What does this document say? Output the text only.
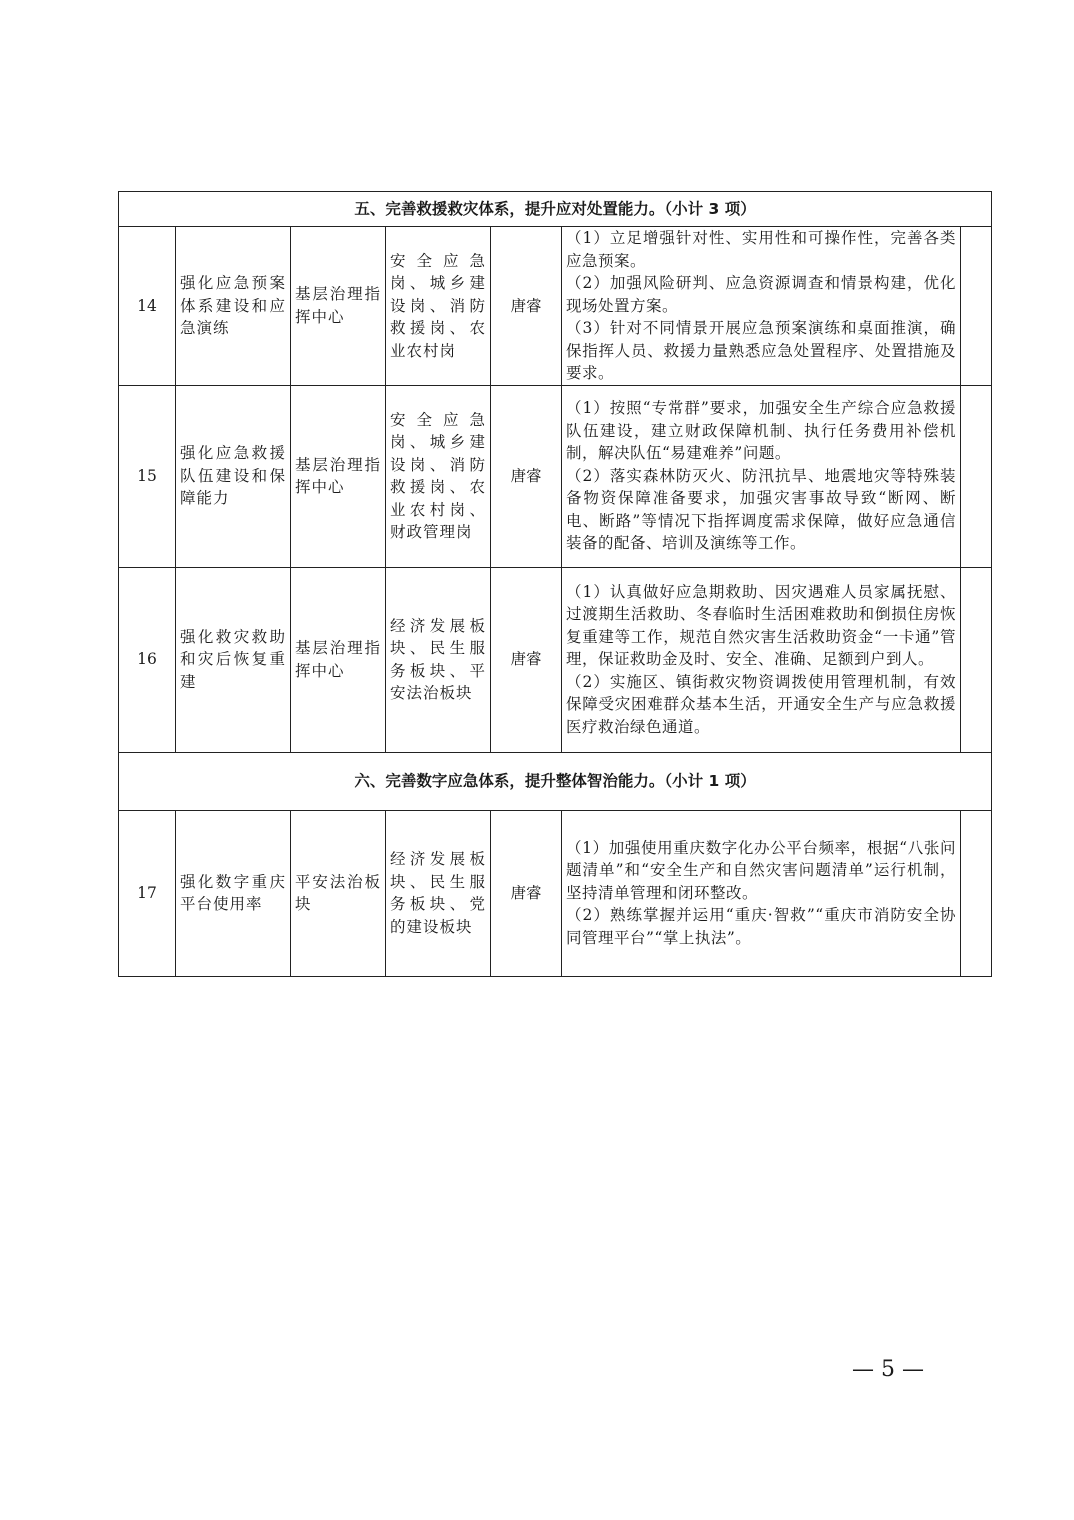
五、完善救援救灾体系，提升应对处置能力。（小计 3 项）						
14	强化应急预案体系建设和应急演练	基层治理指挥中心	安全应急岗、城乡建设岗、消防救援岗、农业农村岗	唐睿	（1）立足增强针对性、实用性和可操作性，完善各类应急预案。
（2）加强风险研判、应急资源调查和情景构建，优化现场处置方案。
（3）针对不同情景开展应急预案演练和桌面推演，确保指挥人员、救援力量熟悉应急处置程序、处置措施及要求。	

15	强化应急救援队伍建设和保障能力	基层治理指挥中心	安全应急岗、城乡建设岗、消防救援岗、农业农村岗、财政管理岗	唐睿	（1）按照“专常群”要求，加强安全生产综合应急救援队伍建设，建立财政保障机制、执行任务费用补偿机制，解决队伍“易建难养”问题。
（2）落实森林防灭火、防汛抗旱、地震地灾等特殊装备物资保障准备要求，加强灾害事故导致“断网、断电、断路”等情况下指挥调度需求保障，做好应急通信装备的配备、培训及演练等工作。	

16	强化救灾救助和灾后恢复重建	基层治理指挥中心	经济发展板块、民生服务板块、平安法治板块	唐睿	（1）认真做好应急期救助、因灾遇难人员家属抚慰、过渡期生活救助、冬春临时生活困难救助和倒损住房恢复重建等工作，规范自然灾害生活救助资金“一卡通”管理，保证救助金及时、安全、准确、足额到户到人。
（2）实施区、镇街救灾物资调拨使用管理机制，有效保障受灾困难群众基本生活，开通安全生产与应急救援医疗救治绿色通道。	

六、完善数字应急体系，提升整体智治能力。（小计 1 项）						
17	强化数字重庆平台使用率	平安法治板块	经济发展板块、民生服务板块、党的建设板块	唐睿	（1）加强使用重庆数字化办公平台频率，根据“八张问题清单”和“安全生产和自然灾害问题清单”运行机制，坚持清单管理和闭环整改。
（2）熟练掌握并运用“重庆·智救”“重庆市消防安全协同管理平台”“掌上执法”。	

— 5 —
